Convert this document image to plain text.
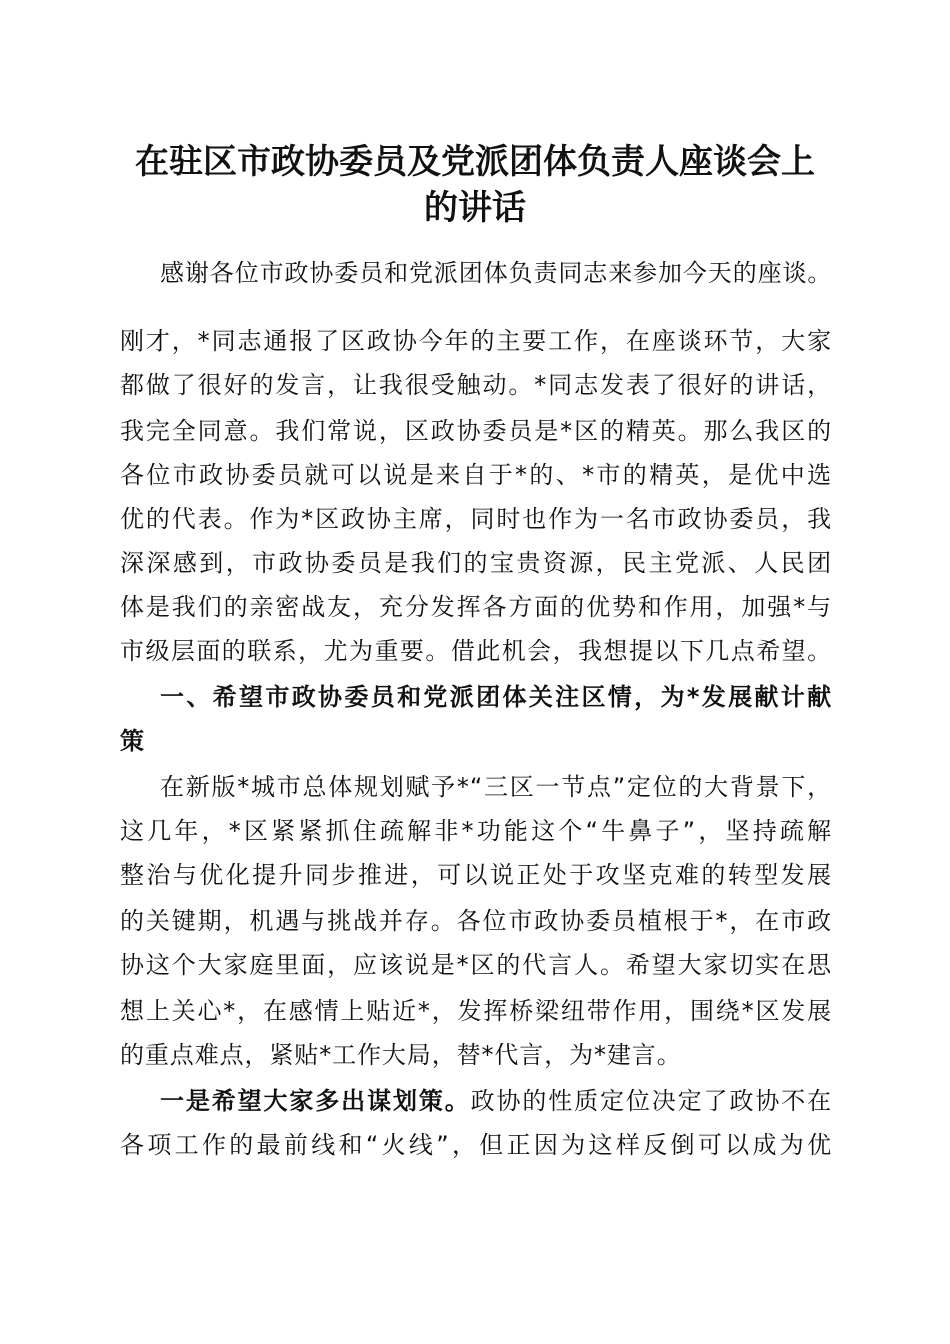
在驻区市政协委员及党派团体负责人座谈会上
的讲话
感谢各位市政协委员和党派团体负责同志来参加今天的座谈。
刚才，*同志通报了区政协今年的主要工作，在座谈环节，大家
都做了很好的发言，让我很受触动。*同志发表了很好的讲话，
我完全同意。我们常说，区政协委员是*区的精英。那么我区的
各位市政协委员就可以说是来自于*的、*市的精英，是优中选
优的代表。作为*区政协主席，同时也作为一名市政协委员，我
深深感到，市政协委员是我们的宝贵资源，民主党派、人民团
体是我们的亲密战友，充分发挥各方面的优势和作用，加强*与
市级层面的联系，尤为重要。借此机会，我想提以下几点希望。
一、希望市政协委员和党派团体关注区情，为*发展献计献
策
在新版*城市总体规划赋予*“三区一节点”定位的大背景下，
这几年，*区紧紧抓住疏解非*功能这个“牛鼻子”，坚持疏解
整治与优化提升同步推进，可以说正处于攻坚克难的转型发展
的关键期，机遇与挑战并存。各位市政协委员植根于*，在市政
协这个大家庭里面，应该说是*区的代言人。希望大家切实在思
想上关心*，在感情上贴近*，发挥桥梁纽带作用，围绕*区发展
的重点难点，紧贴*工作大局，替*代言，为*建言。
一是希望大家多出谋划策。政协的性质定位决定了政协不在
各项工作的最前线和“火线”，但正因为这样反倒可以成为优
